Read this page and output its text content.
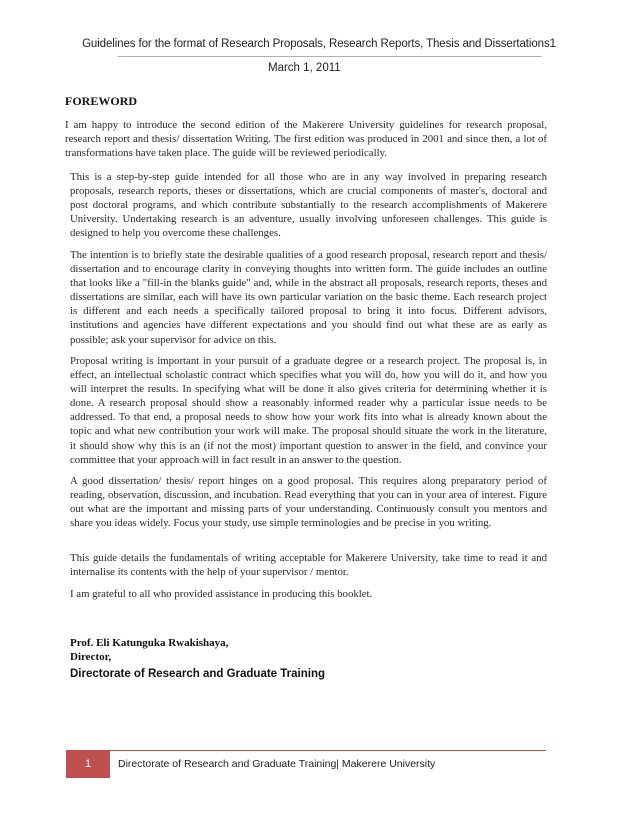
Guidelines for the format of Research Proposals, Research Reports, Thesis and Dissertations1
March 1, 2011
FOREWORD

I am happy to introduce the second edition of the Makerere University guidelines for research proposal, research report and thesis/ dissertation Writing. The first edition was produced in 2001 and since then, a lot of transformations have taken place. The guide will be reviewed periodically.

This is a step-by-step guide intended for all those who are in any way involved in preparing research proposals, research reports, theses or dissertations, which are crucial components of master's, doctoral and post doctoral programs, and which contribute substantially to the research accomplishments of Makerere University. Undertaking research is an adventure, usually involving unforeseen challenges. This guide is designed to help you overcome these challenges.

The intention is to briefly state the desirable qualities of a good research proposal, research report and thesis/ dissertation and to encourage clarity in conveying thoughts into written form. The guide includes an outline that looks like a "fill-in the blanks guide" and, while in the abstract all proposals, research reports, theses and dissertations are similar, each will have its own particular variation on the basic theme. Each research project is different and each needs a specifically tailored proposal to bring it into focus. Different advisors, institutions and agencies have different expectations and you should find out what these are as early as possible; ask your supervisor for advice on this.

Proposal writing is important in your pursuit of a graduate degree or a research project. The proposal is, in effect, an intellectual scholastic contract which specifies what you will do, how you will do it, and how you will interpret the results. In specifying what will be done it also gives criteria for determining whether it is done. A research proposal should show a reasonably informed reader why a particular issue needs to be addressed. To that end, a proposal needs to show how your work fits into what is already known about the topic and what new contribution your work will make. The proposal should situate the work in the literature, it should show why this is an (if not the most) important question to answer in the field, and convince your committee that your approach will in fact result in an answer to the question.

A good dissertation/ thesis/ report hinges on a good proposal. This requires along preparatory period of reading, observation, discussion, and incubation. Read everything that you can in your area of interest. Figure out what are the important and missing parts of your understanding. Continuously consult you mentors and share you ideas widely. Focus your study, use simple terminologies and be precise in you writing.

This guide details the fundamentals of writing acceptable for Makerere University, take time to read it and internalise its contents with the help of your supervisor / mentor.

I am grateful to all who provided assistance in producing this booklet.

Prof. Eli Katunguka Rwakishaya,
Director,
Directorate of Research and Graduate Training
1	Directorate of Research and Graduate Training| Makerere University
